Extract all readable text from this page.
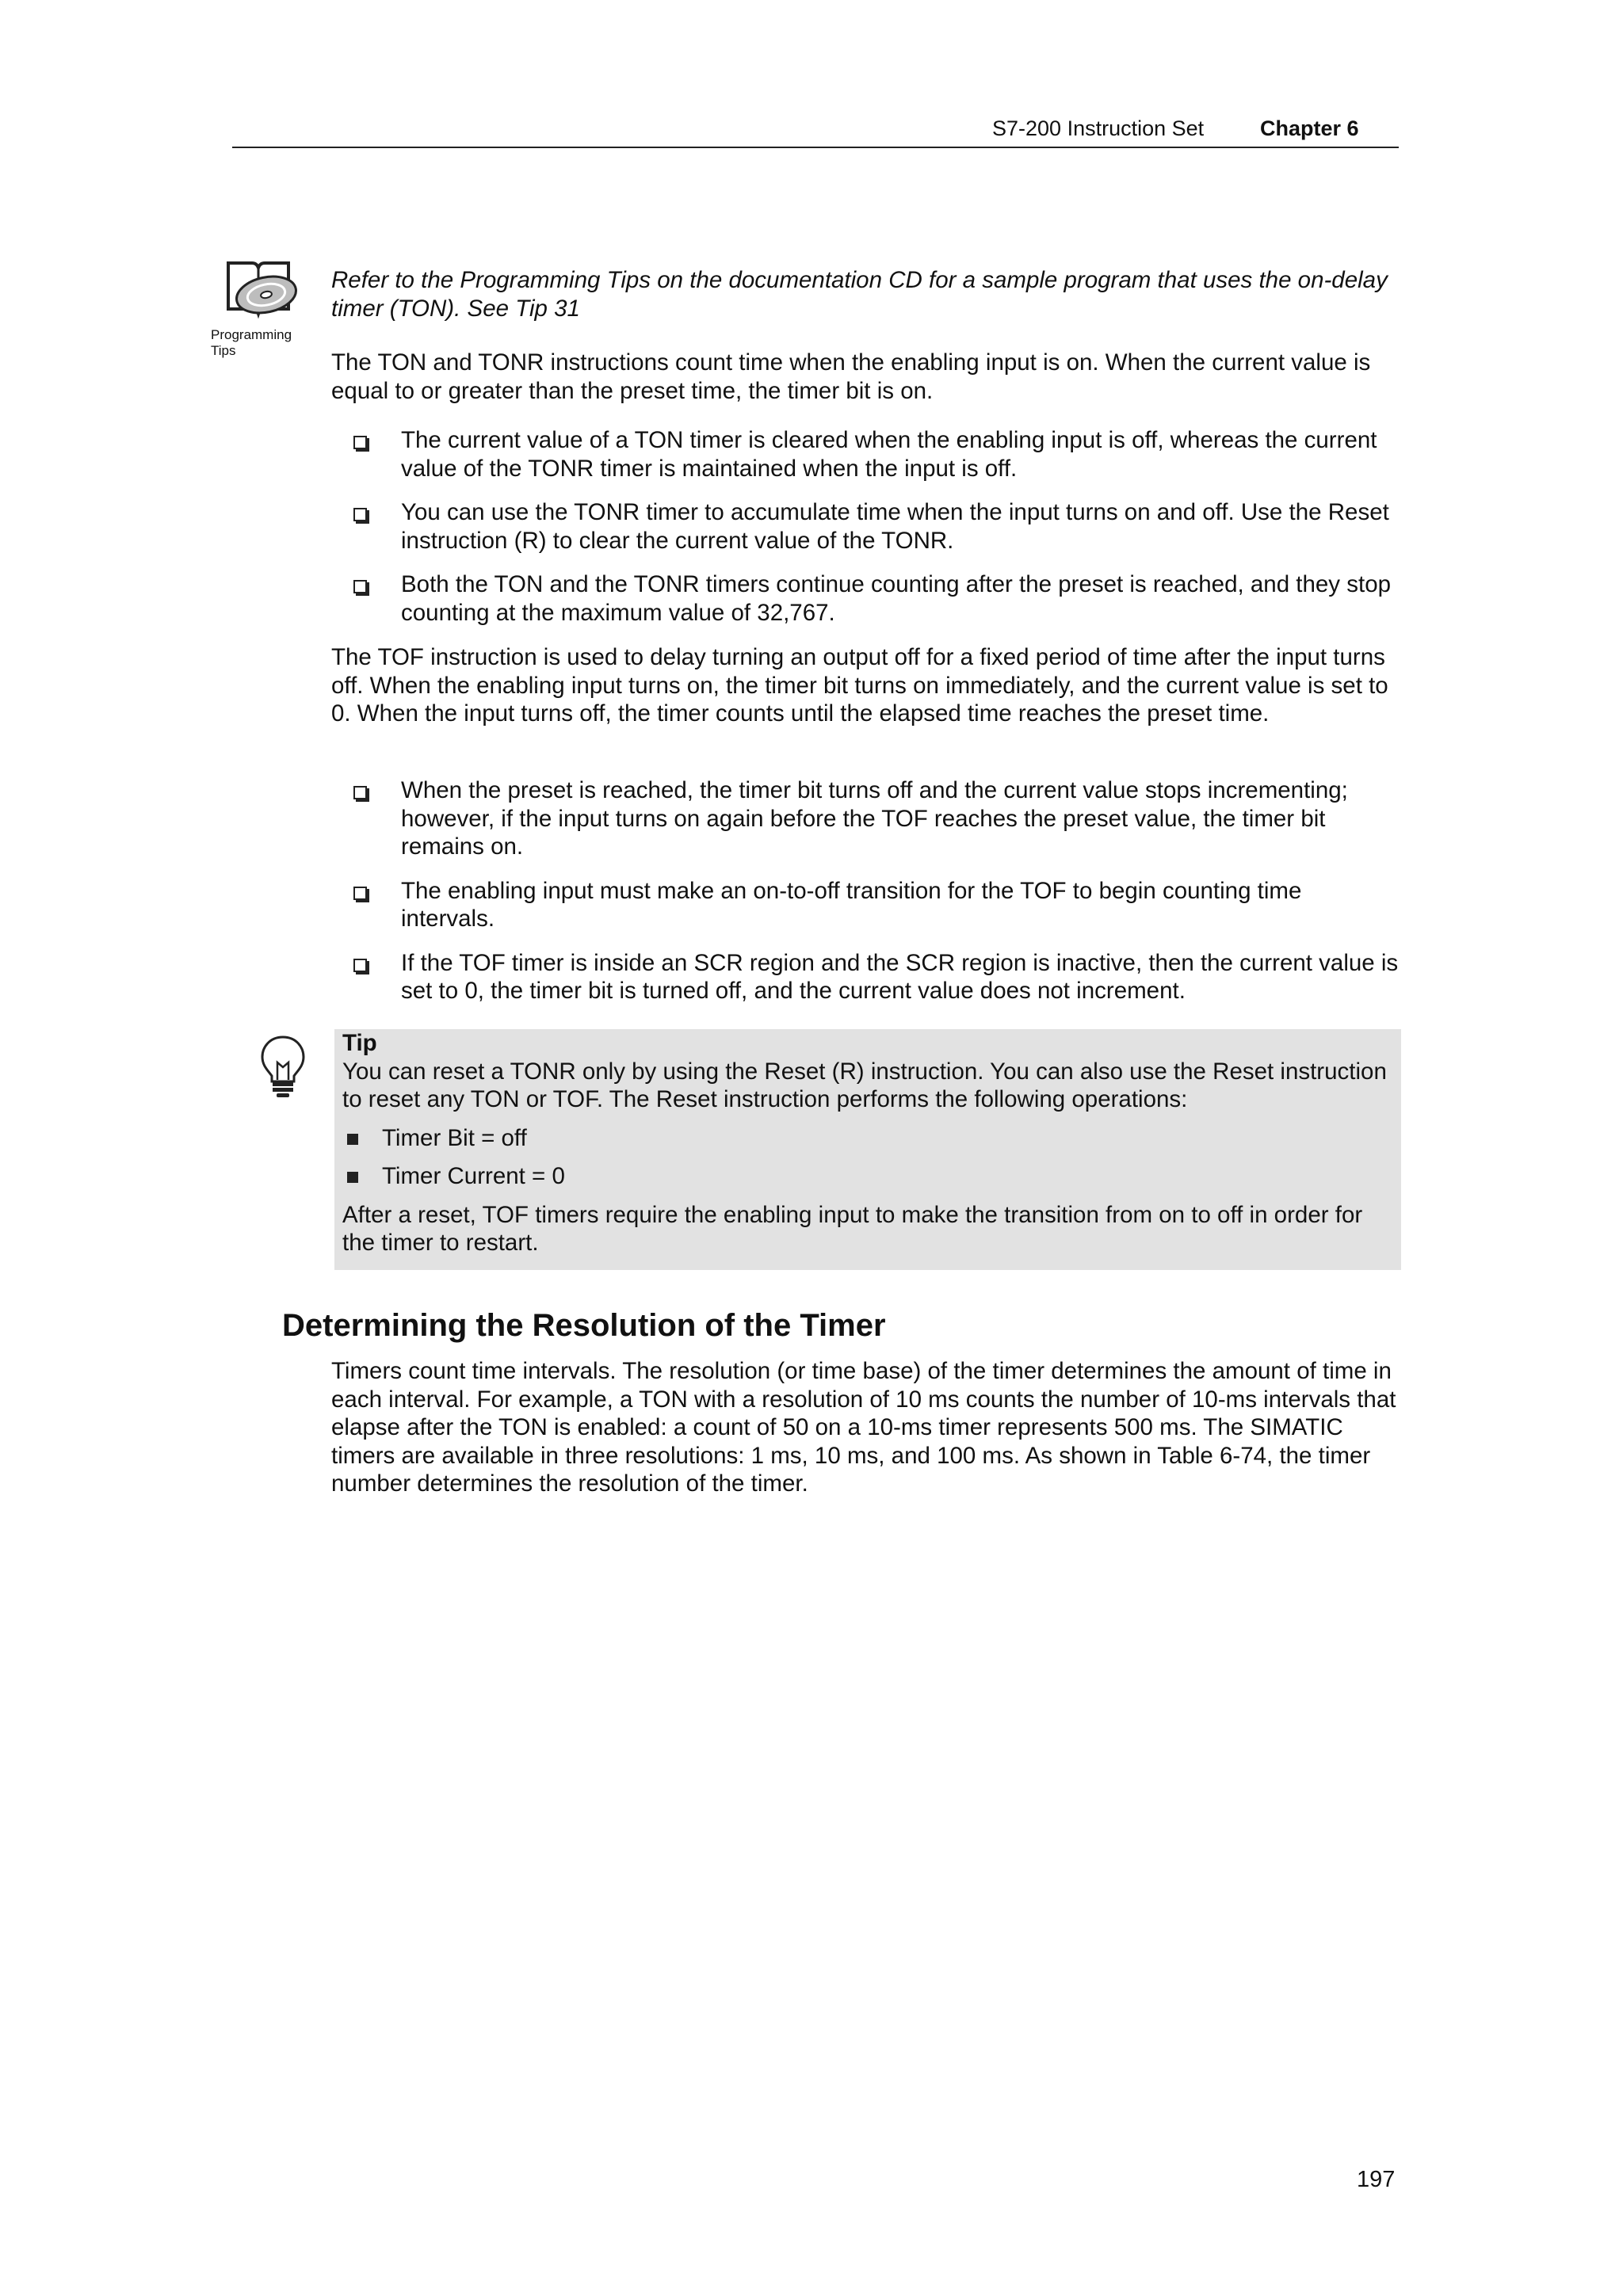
S7-200 Instruction Set	Chapter 6
Programming Tips
Refer to the Programming Tips on the documentation CD for a sample program that uses the on-delay timer (TON). See Tip 31
The TON and TONR instructions count time when the enabling input is on. When the current value is equal to or greater than the preset time, the timer bit is on.
The current value of a TON timer is cleared when the enabling input is off, whereas the current value of the TONR timer is maintained when the input is off.
You can use the TONR timer to accumulate time when the input turns on and off. Use the Reset instruction (R) to clear the current value of the TONR.
Both the TON and the TONR timers continue counting after the preset is reached, and they stop counting at the maximum value of 32,767.
The TOF instruction is used to delay turning an output off for a fixed period of time after the input turns off. When the enabling input turns on, the timer bit turns on immediately, and the current value is set to 0. When the input turns off, the timer counts until the elapsed time reaches the preset time.
When the preset is reached, the timer bit turns off and the current value stops incrementing; however, if the input turns on again before the TOF reaches the preset value, the timer bit remains on.
The enabling input must make an on-to-off transition for the TOF to begin counting time intervals.
If the TOF timer is inside an SCR region and the SCR region is inactive, then the current value is set to 0, the timer bit is turned off, and the current value does not increment.
Tip
You can reset a TONR only by using the Reset (R) instruction. You can also use the Reset instruction to reset any TON or TOF. The Reset instruction performs the following operations:
Timer Bit = off
Timer Current = 0
After a reset, TOF timers require the enabling input to make the transition from on to off in order for the timer to restart.
Determining the Resolution of the Timer
Timers count time intervals. The resolution (or time base) of the timer determines the amount of time in each interval. For example, a TON with a resolution of 10 ms counts the number of 10-ms intervals that elapse after the TON is enabled: a count of 50 on a 10-ms timer represents 500 ms. The SIMATIC timers are available in three resolutions: 1 ms, 10 ms, and 100 ms. As shown in Table 6-74, the timer number determines the resolution of the timer.
197
